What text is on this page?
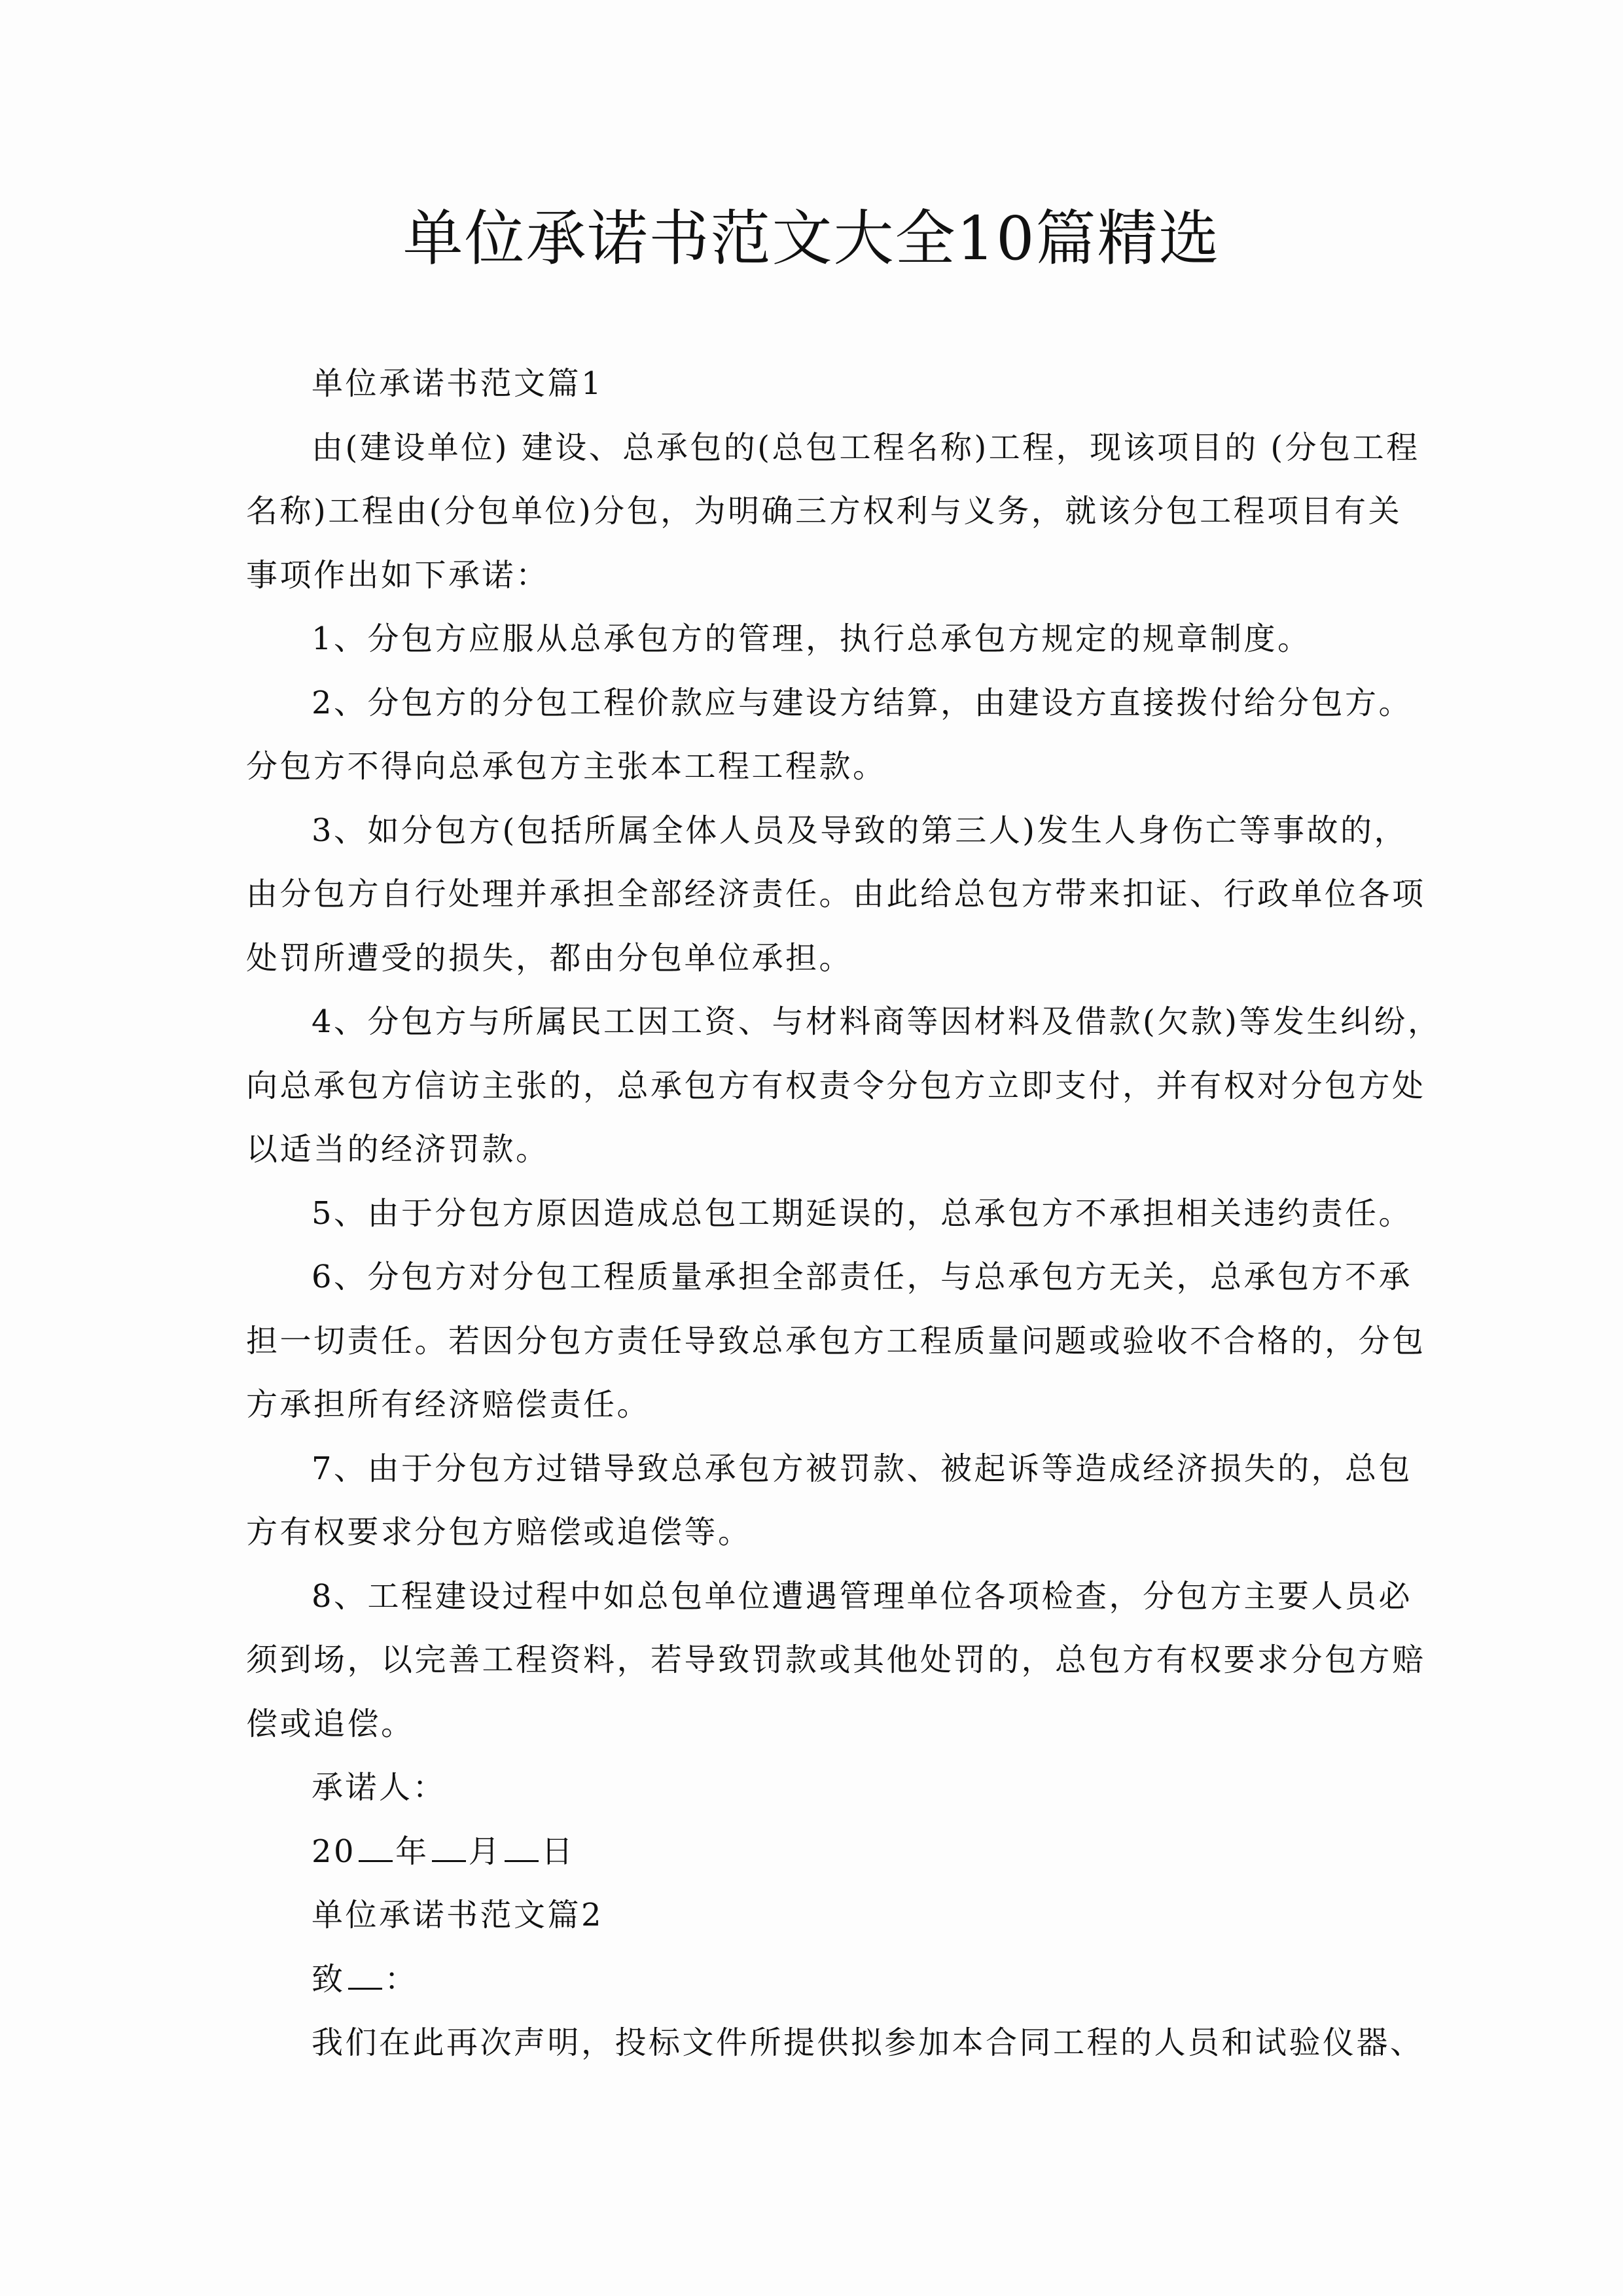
单位承诺书范文大全10篇精选
单位承诺书范文篇1
由(建设单位) 建设、总承包的(总包工程名称)工程，现该项目的 (分包工程
名称)工程由(分包单位)分包，为明确三方权利与义务，就该分包工程项目有关
事项作出如下承诺：
1、分包方应服从总承包方的管理，执行总承包方规定的规章制度。
2、分包方的分包工程价款应与建设方结算，由建设方直接拨付给分包方。
分包方不得向总承包方主张本工程工程款。
3、如分包方(包括所属全体人员及导致的第三人)发生人身伤亡等事故的，
由分包方自行处理并承担全部经济责任。由此给总包方带来扣证、行政单位各项
处罚所遭受的损失，都由分包单位承担。
4、分包方与所属民工因工资、与材料商等因材料及借款(欠款)等发生纠纷，
向总承包方信访主张的，总承包方有权责令分包方立即支付，并有权对分包方处
以适当的经济罚款。
5、由于分包方原因造成总包工期延误的，总承包方不承担相关违约责任。
6、分包方对分包工程质量承担全部责任，与总承包方无关，总承包方不承
担一切责任。若因分包方责任导致总承包方工程质量问题或验收不合格的，分包
方承担所有经济赔偿责任。
7、由于分包方过错导致总承包方被罚款、被起诉等造成经济损失的，总包
方有权要求分包方赔偿或追偿等。
8、工程建设过程中如总包单位遭遇管理单位各项检查，分包方主要人员必
须到场，以完善工程资料，若导致罚款或其他处罚的，总包方有权要求分包方赔
偿或追偿。
承诺人：
20 年 月 日
单位承诺书范文篇2
致 ：
我们在此再次声明，投标文件所提供拟参加本合同工程的人员和试验仪器、
